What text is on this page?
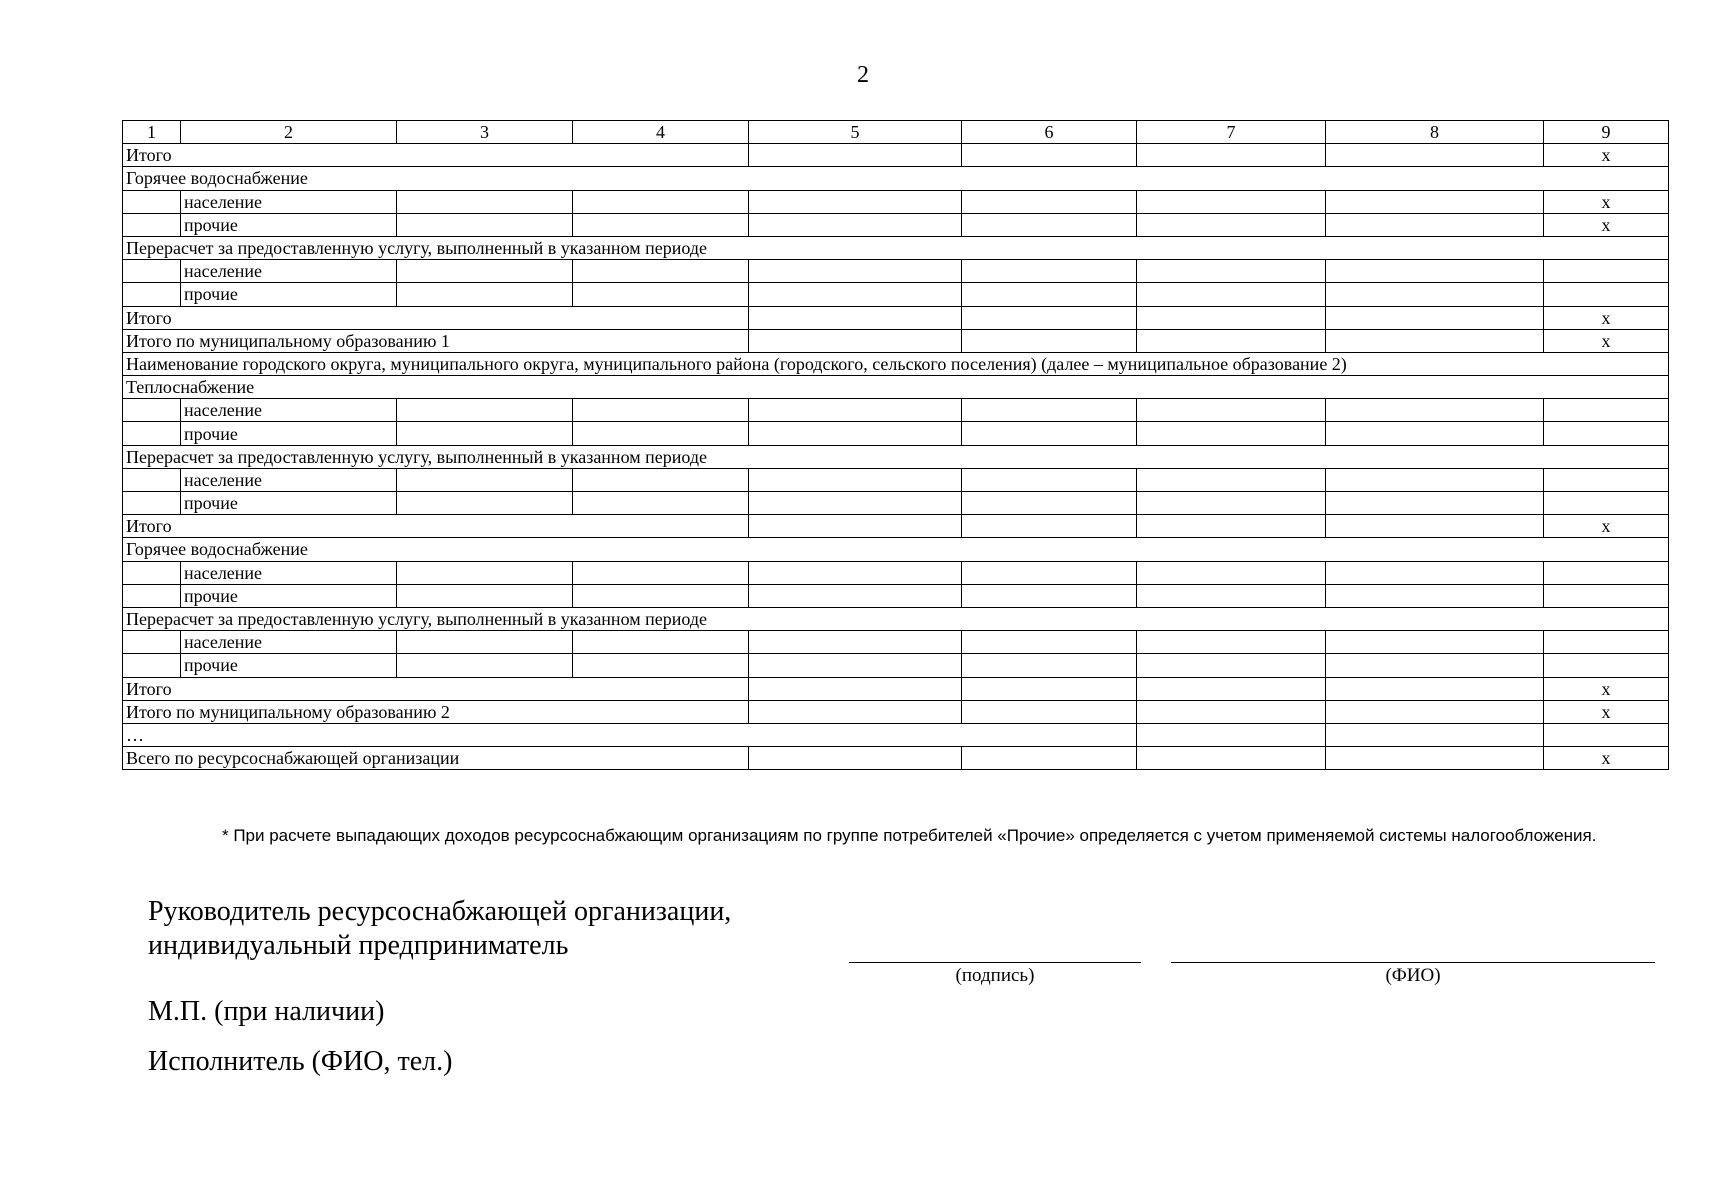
2
1	2	3	4	5	6	7	8	9
Итого								х
Горячее водоснабжение								
	население							х
	прочие							х
Перерасчет за предоставленную услугу, выполненный в указанном периоде								
	население							
	прочие							
Итого								х
Итого по муниципальному образованию 1								х
Наименование городского округа, муниципального округа, муниципального района (городского, сельского поселения) (далее – муниципальное образование 2)								
Теплоснабжение								
	население							
	прочие							
Перерасчет за предоставленную услугу, выполненный в указанном периоде								
	население							
	прочие							
Итого								х
Горячее водоснабжение								
	население							
	прочие							
Перерасчет за предоставленную услугу, выполненный в указанном периоде								
	население							
	прочие							
Итого								х
Итого по муниципальному образованию 2								х
…								
Всего по ресурсоснабжающей организации								х
* При расчете выпадающих доходов ресурсоснабжающим организациям по группе потребителей «Прочие» определяется с учетом применяемой системы налогообложения.
Руководитель ресурсоснабжающей организации,
индивидуальный предприниматель
(подпись)	(ФИО)
М.П. (при наличии)
Исполнитель (ФИО, тел.)
